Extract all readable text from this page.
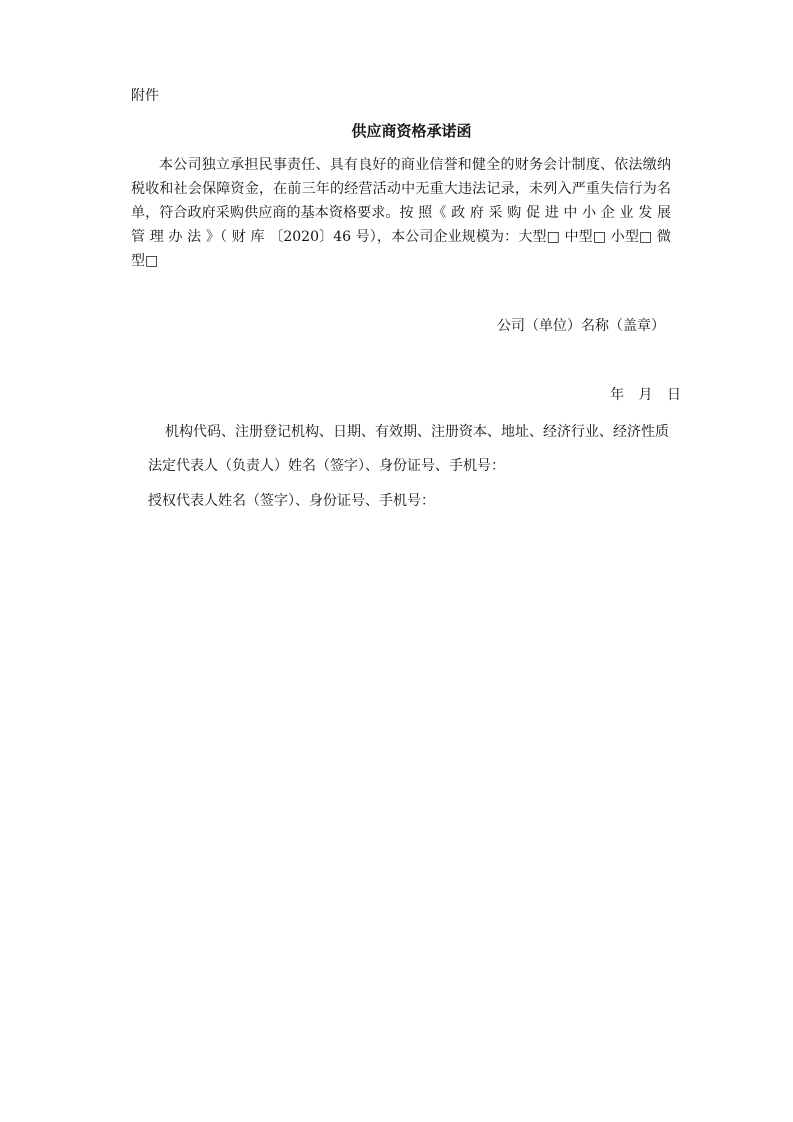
附件
供应商资格承诺函

本公司独立承担民事责任、具有良好的商业信誉和健全的财务会计制度、依法缴纳税收和社会保障资金，在前三年的经营活动中无重大违法记录，未列入严重失信行为名单，符合政府采购供应商的基本资格要求。按 照《 政 府 采 购 促 进 中 小 企 业 发 展 管 理 办 法 》（ 财 库 〔2020〕46 号），本公司企业规模为：大型□ 中型□ 小型□ 微 型□

公司（单位）名称（盖章）
年 月 日
机构代码、注册登记机构、日期、有效期、注册资本、地址、经济行业、经济性质
法定代表人（负责人）姓名（签字）、身份证号、手机号：
授权代表人姓名（签字）、身份证号、手机号：
